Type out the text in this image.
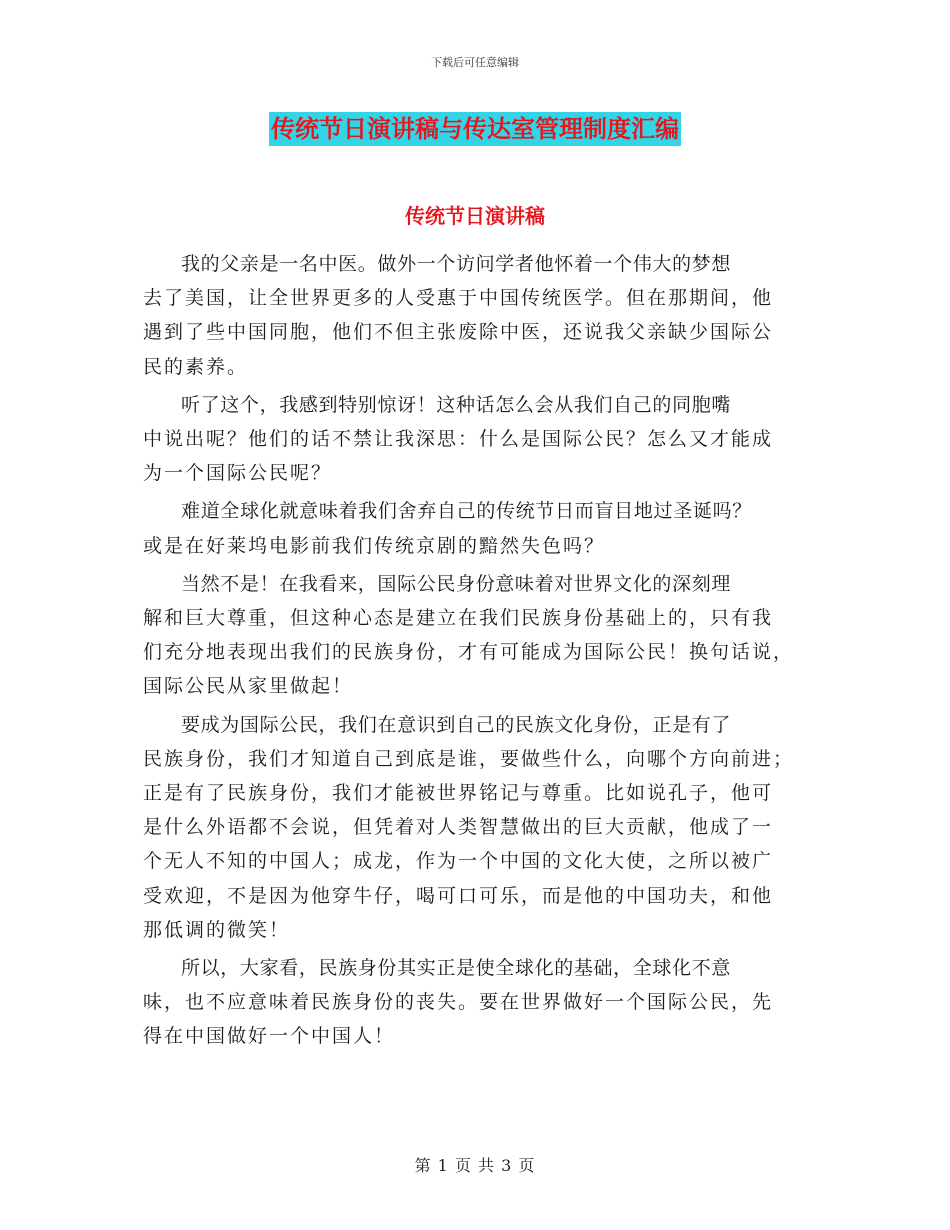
下载后可任意编辑
传统节日演讲稿与传达室管理制度汇编
传统节日演讲稿
我的父亲是一名中医。做外一个访问学者他怀着一个伟大的梦想
去了美国，让全世界更多的人受惠于中国传统医学。但在那期间，他
遇到了些中国同胞，他们不但主张废除中医，还说我父亲缺少国际公
民的素养。
听了这个，我感到特别惊讶！这种话怎么会从我们自己的同胞嘴
中说出呢？他们的话不禁让我深思：什么是国际公民？怎么又才能成
为一个国际公民呢？
难道全球化就意味着我们舍弃自己的传统节日而盲目地过圣诞吗？
或是在好莱坞电影前我们传统京剧的黯然失色吗？
当然不是！在我看来，国际公民身份意味着对世界文化的深刻理
解和巨大尊重，但这种心态是建立在我们民族身份基础上的，只有我
们充分地表现出我们的民族身份，才有可能成为国际公民！换句话说，
国际公民从家里做起！
要成为国际公民，我们在意识到自己的民族文化身份，正是有了
民族身份，我们才知道自己到底是谁，要做些什么，向哪个方向前进；
正是有了民族身份，我们才能被世界铭记与尊重。比如说孔子，他可
是什么外语都不会说，但凭着对人类智慧做出的巨大贡献，他成了一
个无人不知的中国人；成龙，作为一个中国的文化大使，之所以被广
受欢迎，不是因为他穿牛仔，喝可口可乐，而是他的中国功夫，和他
那低调的微笑！
所以，大家看，民族身份其实正是使全球化的基础，全球化不意
味，也不应意味着民族身份的丧失。要在世界做好一个国际公民，先
得在中国做好一个中国人！
第 1 页 共 3 页
